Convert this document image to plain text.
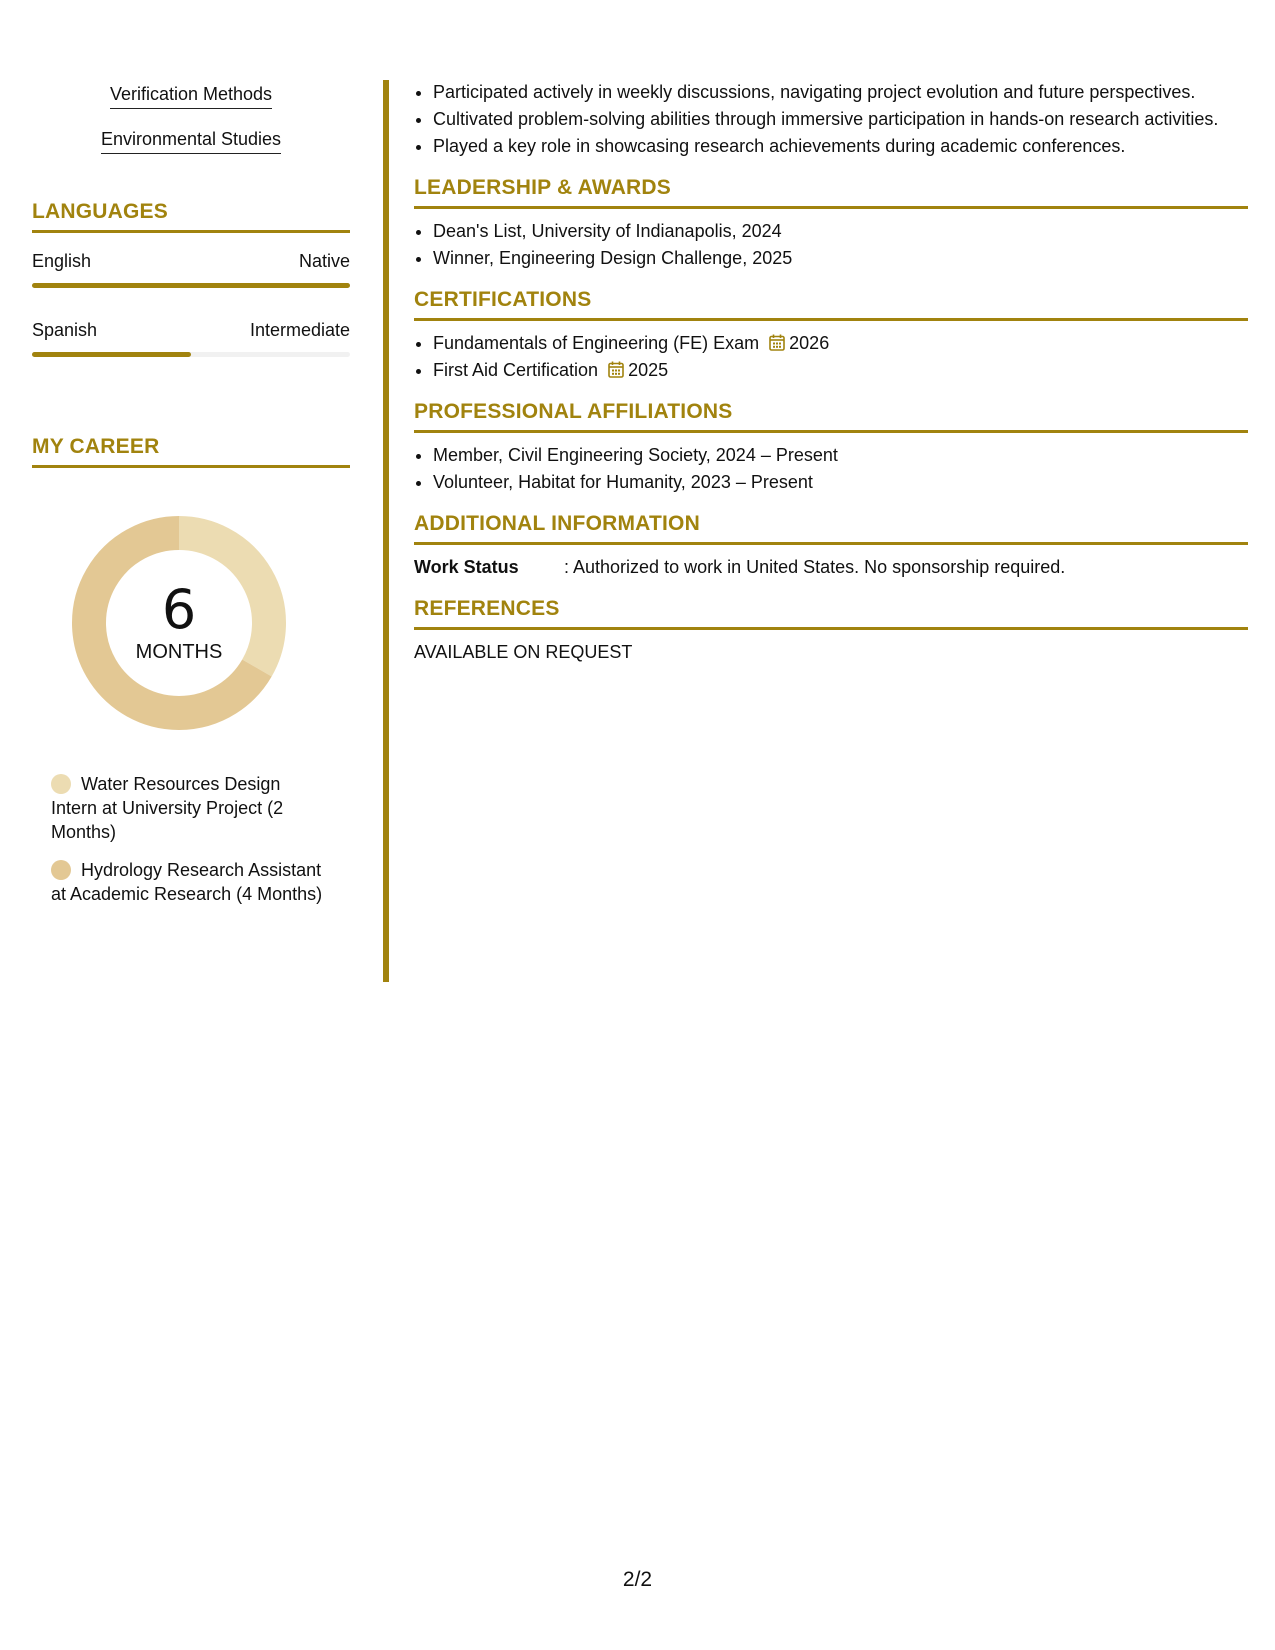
Verification Methods
Environmental Studies
LANGUAGES
English	Native
Spanish	Intermediate
MY CAREER
6
MONTHS
Water Resources Design Intern at University Project (2 Months)
Hydrology Research Assistant at Academic Research (4 Months)
• Participated actively in weekly discussions, navigating project evolution and future perspectives.
• Cultivated problem-solving abilities through immersive participation in hands-on research activities.
• Played a key role in showcasing research achievements during academic conferences.
LEADERSHIP & AWARDS
• Dean's List, University of Indianapolis, 2024
• Winner, Engineering Design Challenge, 2025
CERTIFICATIONS
• Fundamentals of Engineering (FE) Exam 2026
• First Aid Certification 2025
PROFESSIONAL AFFILIATIONS
• Member, Civil Engineering Society, 2024 – Present
• Volunteer, Habitat for Humanity, 2023 – Present
ADDITIONAL INFORMATION
Work Status	: Authorized to work in United States. No sponsorship required.
REFERENCES
AVAILABLE ON REQUEST
2/2
